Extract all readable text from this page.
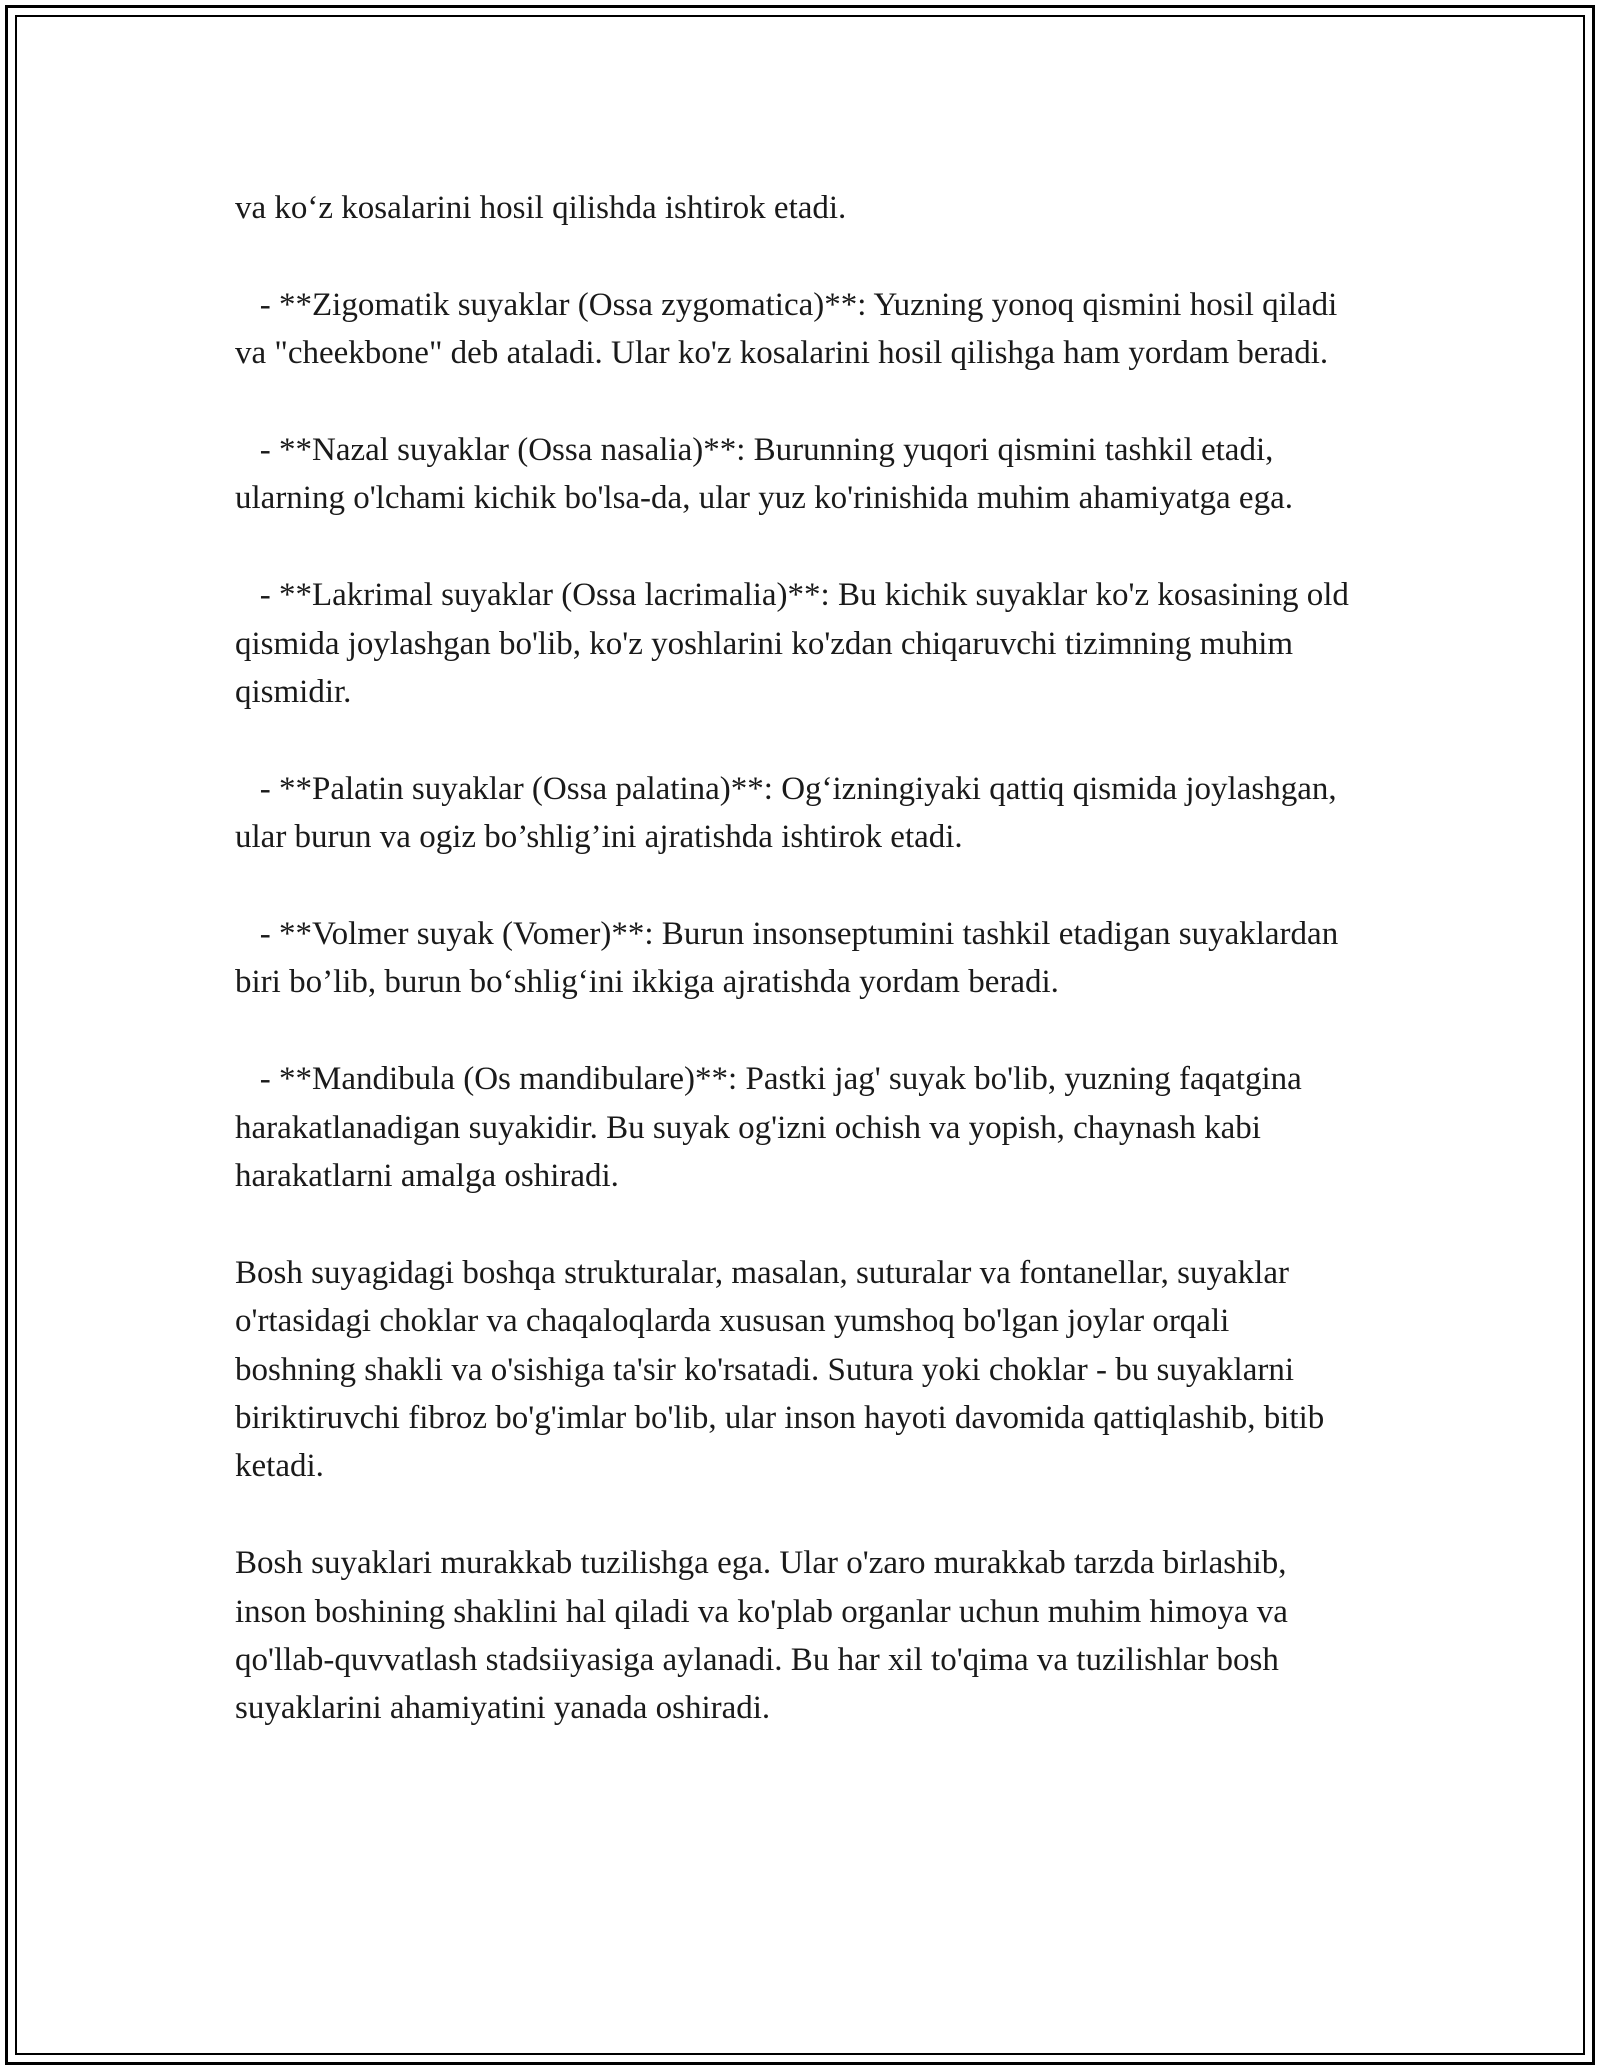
va ko‘z kosalarini hosil qilishda ishtirok etadi.

- **Zigomatik suyaklar (Ossa zygomatica)**: Yuzning yonoq qismini hosil qiladi va "cheekbone" deb ataladi. Ular ko'z kosalarini hosil qilishga ham yordam beradi.

- **Nazal suyaklar (Ossa nasalia)**: Burunning yuqori qismini tashkil etadi, ularning o'lchami kichik bo'lsa-da, ular yuz ko'rinishida muhim ahamiyatga ega.

- **Lakrimal suyaklar (Ossa lacrimalia)**: Bu kichik suyaklar ko'z kosasining old qismida joylashgan bo'lib, ko'z yoshlarini ko'zdan chiqaruvchi tizimning muhim qismidir.

- **Palatin suyaklar (Ossa palatina)**: Og‘izningiyaki qattiq qismida joylashgan, ular burun va ogiz bo’shlig’ini ajratishda ishtirok etadi.

- **Volmer suyak (Vomer)**: Burun insonseptumini tashkil etadigan suyaklardan biri bo’lib, burun bo‘shlig‘ini ikkiga ajratishda yordam beradi.

- **Mandibula (Os mandibulare)**: Pastki jag' suyak bo'lib, yuzning faqatgina harakatlanadigan suyakidir. Bu suyak og'izni ochish va yopish, chaynash kabi harakatlarni amalga oshiradi.

Bosh suyagidagi boshqa strukturalar, masalan, suturalar va fontanellar, suyaklar o'rtasidagi choklar va chaqaloqlarda xususan yumshoq bo'lgan joylar orqali boshning shakli va o'sishiga ta'sir ko'rsatadi. Sutura yoki choklar - bu suyaklarni biriktiruvchi fibroz bo'g'imlar bo'lib, ular inson hayoti davomida qattiqlashib, bitib ketadi.

Bosh suyaklari murakkab tuzilishga ega. Ular o'zaro murakkab tarzda birlashib, inson boshining shaklini hal qiladi va ko'plab organlar uchun muhim himoya va qo'llab-quvvatlash stadsiiyasiga aylanadi. Bu har xil to'qima va tuzilishlar bosh suyaklarini ahamiyatini yanada oshiradi.
